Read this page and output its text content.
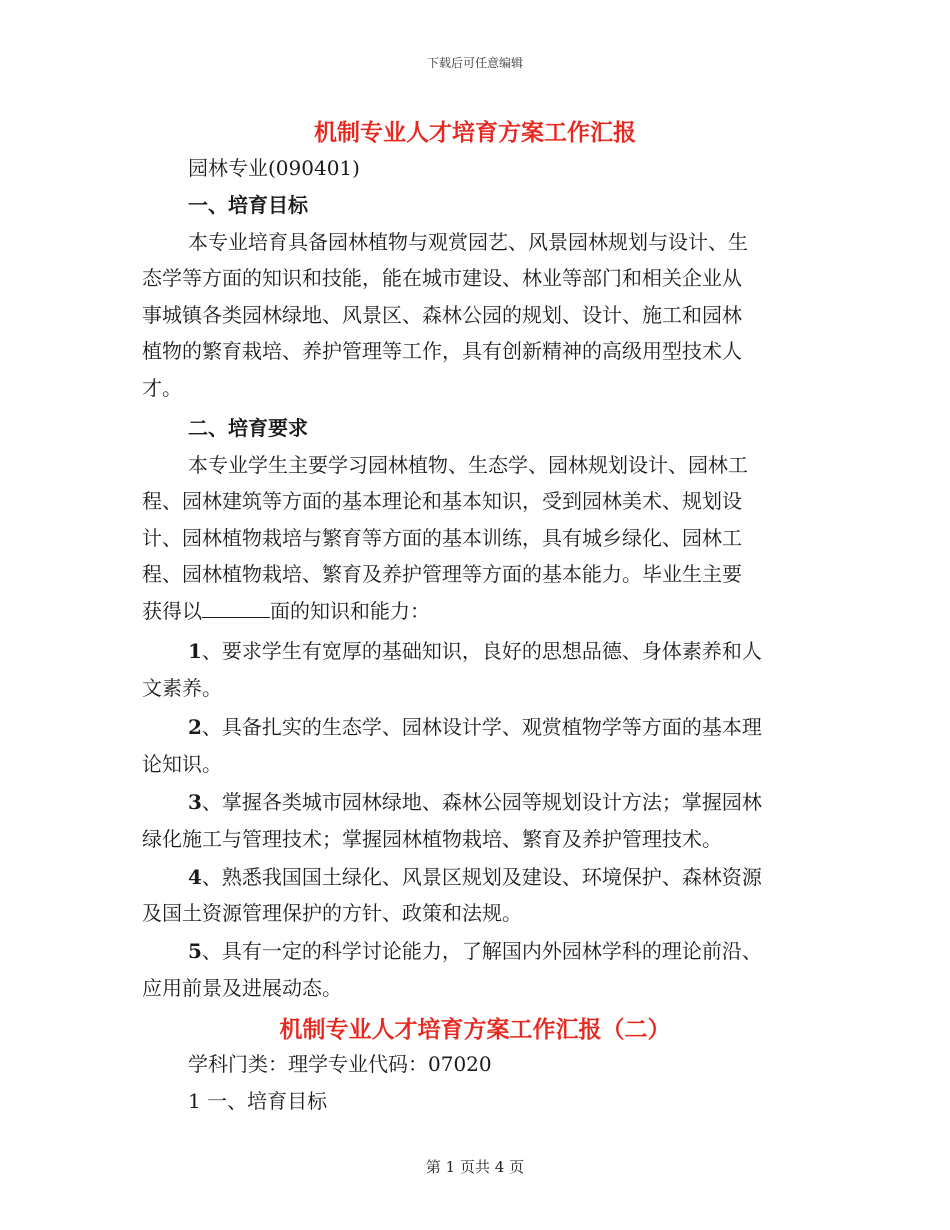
下载后可任意编辑
机制专业人才培育方案工作汇报
园林专业(090401)
一、培育目标
本专业培育具备园林植物与观赏园艺、风景园林规划与设计、生
态学等方面的知识和技能，能在城市建设、林业等部门和相关企业从
事城镇各类园林绿地、风景区、森林公园的规划、设计、施工和园林
植物的繁育栽培、养护管理等工作，具有创新精神的高级用型技术人
才。
二、培育要求
本专业学生主要学习园林植物、生态学、园林规划设计、园林工
程、园林建筑等方面的基本理论和基本知识，受到园林美术、规划设
计、园林植物栽培与繁育等方面的基本训练，具有城乡绿化、园林工
程、园林植物栽培、繁育及养护管理等方面的基本能力。毕业生主要
获得以	面的知识和能力：
1、要求学生有宽厚的基础知识，良好的思想品德、身体素养和人
文素养。
2、具备扎实的生态学、园林设计学、观赏植物学等方面的基本理
论知识。
3、掌握各类城市园林绿地、森林公园等规划设计方法；掌握园林
绿化施工与管理技术；掌握园林植物栽培、繁育及养护管理技术。
4、熟悉我国国土绿化、风景区规划及建设、环境保护、森林资源
及国土资源管理保护的方针、政策和法规。
5、具有一定的科学讨论能力，了解国内外园林学科的理论前沿、
应用前景及进展动态。
机制专业人才培育方案工作汇报（二）
学科门类：理学专业代码：07020
1 一、培育目标
第 1 页共 4 页
